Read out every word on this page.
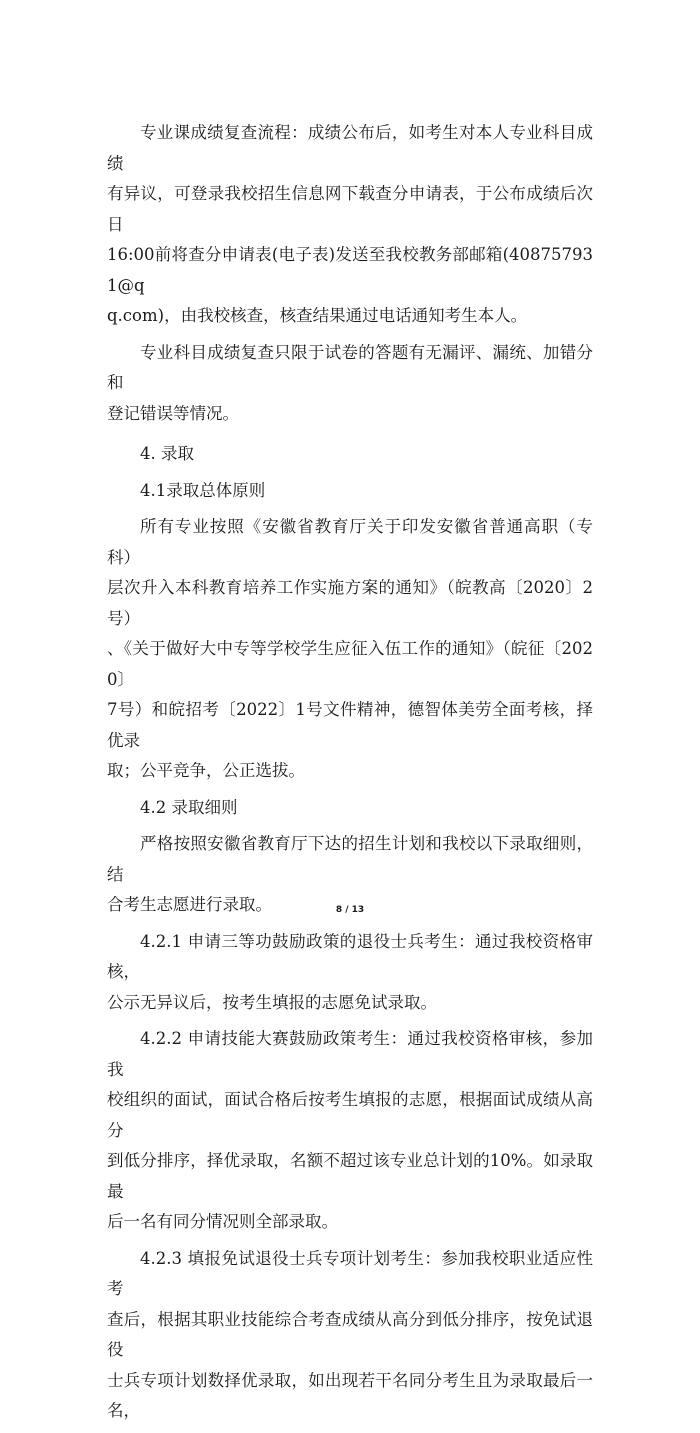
专业课成绩复查流程：成绩公布后，如考生对本人专业科目成绩
有异议，可登录我校招生信息网下载查分申请表，于公布成绩后次日
16:00前将查分申请表(电子表)发送至我校教务部邮箱(408757931@q
q.com)，由我校核查，核查结果通过电话通知考生本人。

专业科目成绩复查只限于试卷的答题有无漏评、漏统、加错分和
登记错误等情况。

4. 录取

4.1录取总体原则

所有专业按照《安徽省教育厅关于印发安徽省普通高职（专科）
层次升入本科教育培养工作实施方案的通知》（皖教高〔2020〕2号）
、《关于做好大中专等学校学生应征入伍工作的通知》（皖征〔2020〕
7号）和皖招考〔2022〕1号文件精神，德智体美劳全面考核，择优录
取；公平竞争，公正选拔。

4.2 录取细则

严格按照安徽省教育厅下达的招生计划和我校以下录取细则，结
合考生志愿进行录取。

4.2.1 申请三等功鼓励政策的退役士兵考生：通过我校资格审核，
公示无异议后，按考生填报的志愿免试录取。

4.2.2 申请技能大赛鼓励政策考生：通过我校资格审核，参加我
校组织的面试，面试合格后按考生填报的志愿，根据面试成绩从高分
到低分排序，择优录取，名额不超过该专业总计划的10%。如录取最
后一名有同分情况则全部录取。

4.2.3 填报免试退役士兵专项计划考生：参加我校职业适应性考
查后，根据其职业技能综合考查成绩从高分到低分排序，按免试退役
士兵专项计划数择优录取，如出现若干名同分考生且为录取最后一名，

8 / 13
